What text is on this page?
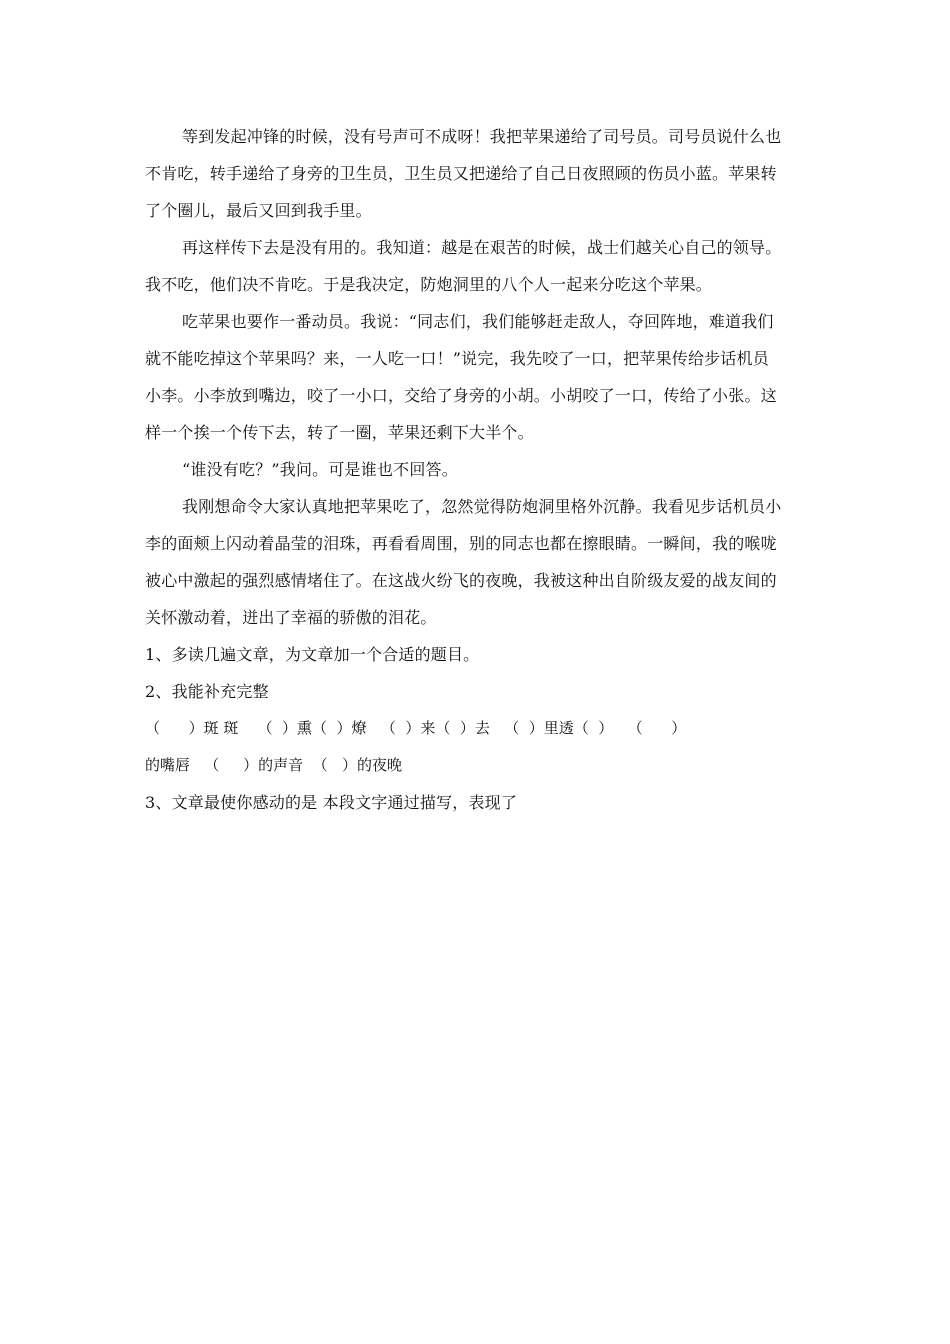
等到发起冲锋的时候，没有号声可不成呀！我把苹果递给了司号员。司号员说什么也
不肯吃，转手递给了身旁的卫生员，卫生员又把递给了自己日夜照顾的伤员小蓝。苹果转
了个圈儿，最后又回到我手里。
再这样传下去是没有用的。我知道：越是在艰苦的时候，战士们越关心自己的领导。
我不吃，他们决不肯吃。于是我决定，防炮洞里的八个人一起来分吃这个苹果。
吃苹果也要作一番动员。我说：“同志们，我们能够赶走敌人，夺回阵地，难道我们
就不能吃掉这个苹果吗？来，一人吃一口！”说完，我先咬了一口，把苹果传给步话机员
小李。小李放到嘴边，咬了一小口，交给了身旁的小胡。小胡咬了一口，传给了小张。这
样一个挨一个传下去，转了一圈，苹果还剩下大半个。
“谁没有吃？”我问。可是谁也不回答。
我刚想命令大家认真地把苹果吃了，忽然觉得防炮洞里格外沉静。我看见步话机员小
李的面颊上闪动着晶莹的泪珠，再看看周围，别的同志也都在擦眼睛。一瞬间，我的喉咙
被心中激起的强烈感情堵住了。在这战火纷飞的夜晚，我被这种出自阶级友爱的战友间的
关怀激动着，迸出了幸福的骄傲的泪花。
1、多读几遍文章，为文章加一个合适的题目。
2、我能补充完整
（      ）斑 斑    （  ）熏（  ）燎   （  ）来（  ）去   （  ）里透（  ）   （      ）
的嘴唇   （     ）的声音  （   ）的夜晚
3、文章最使你感动的是 本段文字通过描写，表现了
